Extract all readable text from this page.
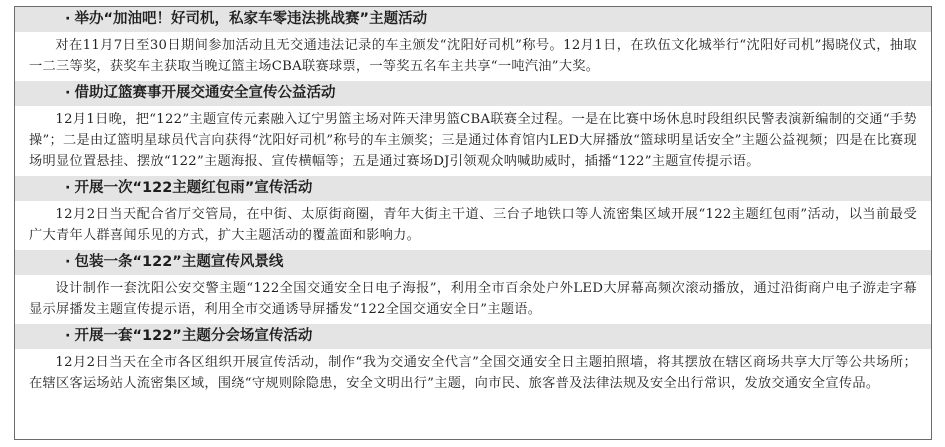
· 举办“加油吧！好司机，私家车零违法挑战赛”主题活动
对在11月7日至30日期间参加活动且无交通违法记录的车主颁发“沈阳好司机”称号。12月1日，在玖伍文化城举行“沈阳好司机”揭晓仪式，抽取一二三等奖，获奖车主获取当晚辽篮主场CBA联赛球票，一等奖五名车主共享“一吨汽油”大奖。
· 借助辽篮赛事开展交通安全宣传公益活动
12月1日晚，把“122”主题宣传元素融入辽宁男篮主场对阵天津男篮CBA联赛全过程。一是在比赛中场休息时段组织民警表演新编制的交通“手势操”；二是由辽篮明星球员代言向获得“沈阳好司机”称号的车主颁奖；三是通过体育馆内LED大屏播放“篮球明星话安全”主题公益视频；四是在比赛现场明显位置悬挂、摆放“122”主题海报、宣传横幅等；五是通过赛场DJ引领观众呐喊助威时，插播“122”主题宣传提示语。
· 开展一次“122主题红包雨”宣传活动
12月2日当天配合省厅交管局，在中街、太原街商圈，青年大街主干道、三台子地铁口等人流密集区域开展“122主题红包雨”活动，以当前最受广大青年人群喜闻乐见的方式，扩大主题活动的覆盖面和影响力。
· 包装一条“122”主题宣传风景线
设计制作一套沈阳公安交警主题“122全国交通安全日电子海报”，利用全市百余处户外LED大屏幕高频次滚动播放，通过沿街商户电子游走字幕显示屏播发主题宣传提示语，利用全市交通诱导屏播发“122全国交通安全日”主题语。
· 开展一套“122”主题分会场宣传活动
12月2日当天在全市各区组织开展宣传活动，制作“我为交通安全代言”全国交通安全日主题拍照墙，将其摆放在辖区商场共享大厅等公共场所；在辖区客运场站人流密集区域，围绕“守规则除隐患，安全文明出行”主题，向市民、旅客普及法律法规及安全出行常识，发放交通安全宣传品。
